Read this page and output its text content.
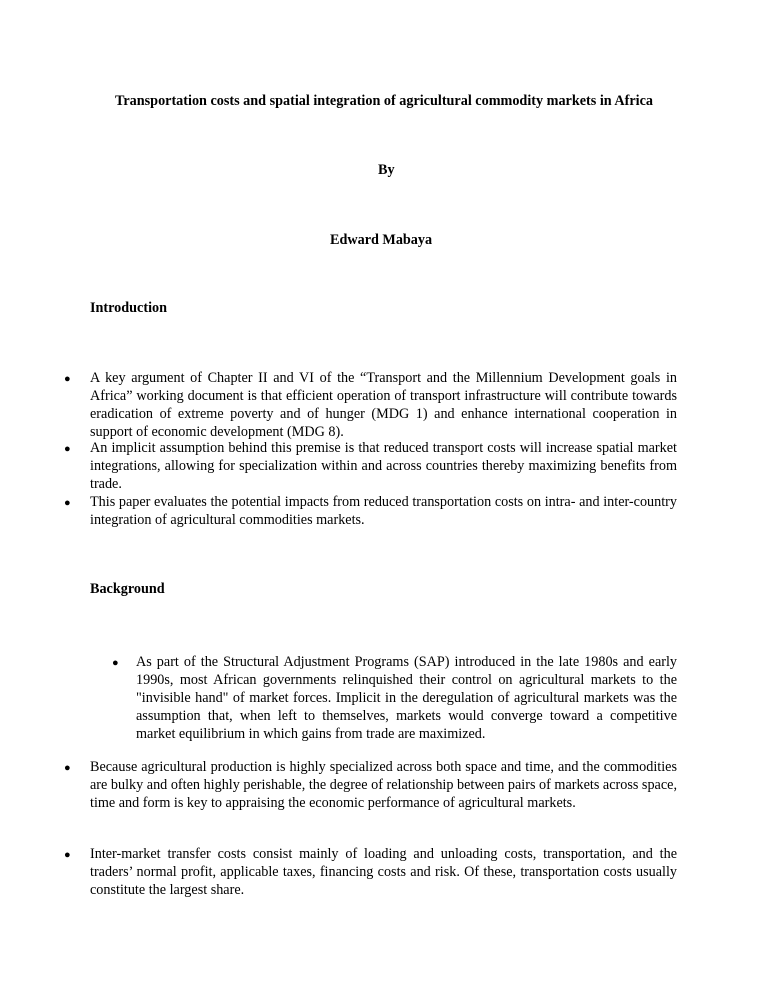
Transportation costs and spatial integration of agricultural commodity markets in Africa
By
Edward Mabaya
Introduction
● A key argument of Chapter II and VI of the “Transport and the Millennium Development goals in Africa” working document is that efficient operation of transport infrastructure will contribute towards eradication of extreme poverty and of hunger (MDG 1) and enhance international cooperation in support of economic development (MDG 8).

● An implicit assumption behind this premise is that reduced transport costs will increase spatial market integrations, allowing for specialization within and across countries thereby maximizing benefits from trade.

● This paper evaluates the potential impacts from reduced transportation costs on intra- and inter-country integration of agricultural commodities markets.

Background
● As part of the Structural Adjustment Programs (SAP) introduced in the late 1980s and early 1990s, most African governments relinquished their control on agricultural markets to the "invisible hand" of market forces. Implicit in the deregulation of agricultural markets was the assumption that, when left to themselves, markets would converge toward a competitive market equilibrium in which gains from trade are maximized.

● Because agricultural production is highly specialized across both space and time, and the commodities are bulky and often highly perishable, the degree of relationship between pairs of markets across space, time and form is key to appraising the economic performance of agricultural markets.

● Inter-market transfer costs consist mainly of loading and unloading costs, transportation, and the traders’ normal profit, applicable taxes, financing costs and risk. Of these, transportation costs usually constitute the largest share.
